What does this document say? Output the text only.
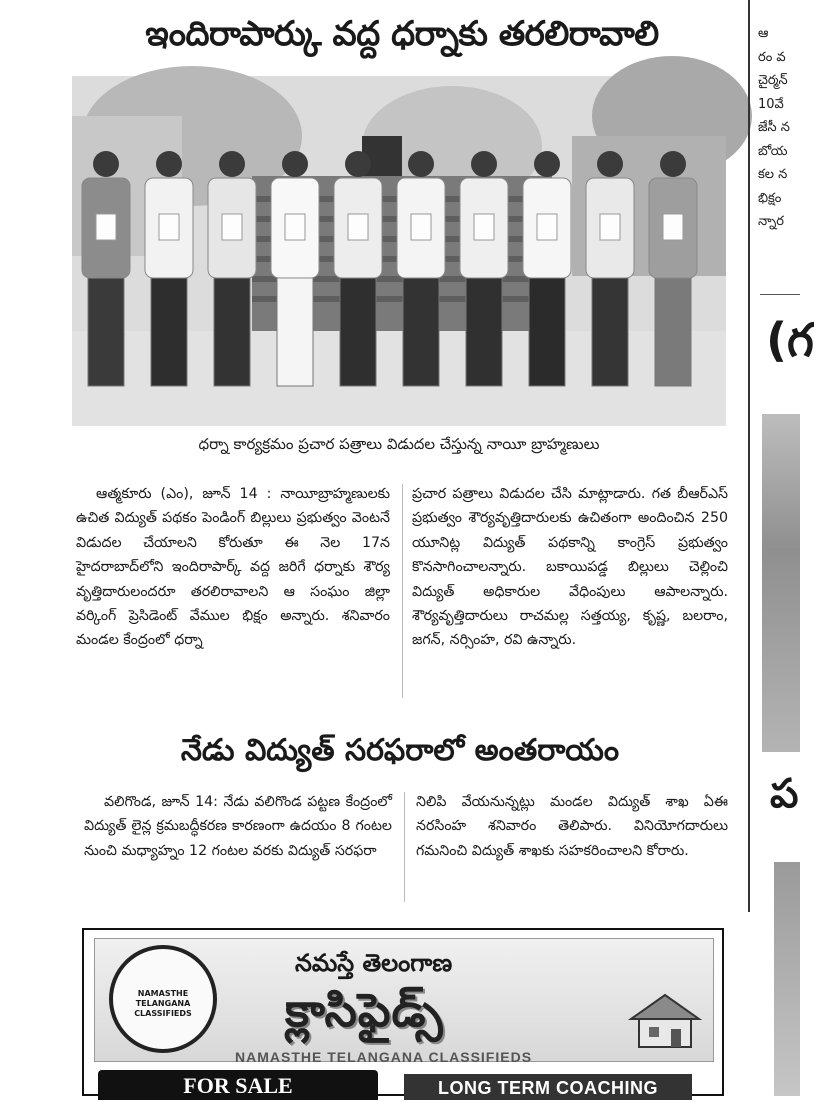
ఇందిరాపార్కు వద్ద ధర్నాకు తరలిరావాలి
ధర్నా కార్యక్రమం ప్రచార పత్రాలు విడుదల చేస్తున్న నాయీ బ్రాహ్మణులు
ఆత్మకూరు (ఎం), జూన్ 14 : నాయీబ్రాహ్మణులకు ఉచిత విద్యుత్ పథకం పెండింగ్ బిల్లులు ప్రభుత్వం వెంటనే విడుదల చేయాలని కోరుతూ ఈ నెల 17న హైదరాబాద్‌లోని ఇందిరాపార్క్ వద్ద జరిగే ధర్నాకు శౌర్య వృత్తిదారులందరూ తరలిరావాలని ఆ సంఘం జిల్లా వర్కింగ్ ప్రెసిడెంట్ వేముల భిక్షం అన్నారు. శనివారం మండల కేంద్రంలో ధర్నా
ప్రచార పత్రాలు విడుదల చేసి మాట్లాడారు. గత బీఆర్‌ఎస్ ప్రభుత్వం శౌర్యవృత్తిదారులకు ఉచితంగా అందించిన 250 యూనిట్ల విద్యుత్ పథకాన్ని కాంగ్రెస్ ప్రభుత్వం కొనసాగించాలన్నారు. బకాయిపడ్డ బిల్లులు చెల్లించి విద్యుత్ అధికారుల వేధింపులు ఆపాలన్నారు. శౌర్యవృత్తిదారులు రాచమల్ల సత్తయ్య, కృష్ణ, బలరాం, జగన్, నర్సింహ, రవి ఉన్నారు.
నేడు విద్యుత్ సరఫరాలో అంతరాయం
వలిగొండ, జూన్ 14: నేడు వలిగొండ పట్టణ కేంద్రంలో విద్యుత్ లైన్ల క్రమబద్ధీకరణ కారణంగా ఉదయం 8 గంటల నుంచి మధ్యాహ్నం 12 గంటల వరకు విద్యుత్ సరఫరా
నిలిపి వేయనున్నట్లు మండల విద్యుత్ శాఖ ఏఈ నరసింహ శనివారం తెలిపారు. వినియోగదారులు గమనించి విద్యుత్ శాఖకు సహకరించాలని కోరారు.
NAMASTHE TELANGANA CLASSIFIEDS
నమస్తే తెలంగాణ
క్లాసిఫైడ్స్
NAMASTHE TELANGANA CLASSIFIEDS
FOR SALE	LONG TERM COACHING
ఆ
రం వ
చైర్మన్
10వే
జేసీ న
బోయ
కల న
భిక్షం
న్నార
(గ
ప
